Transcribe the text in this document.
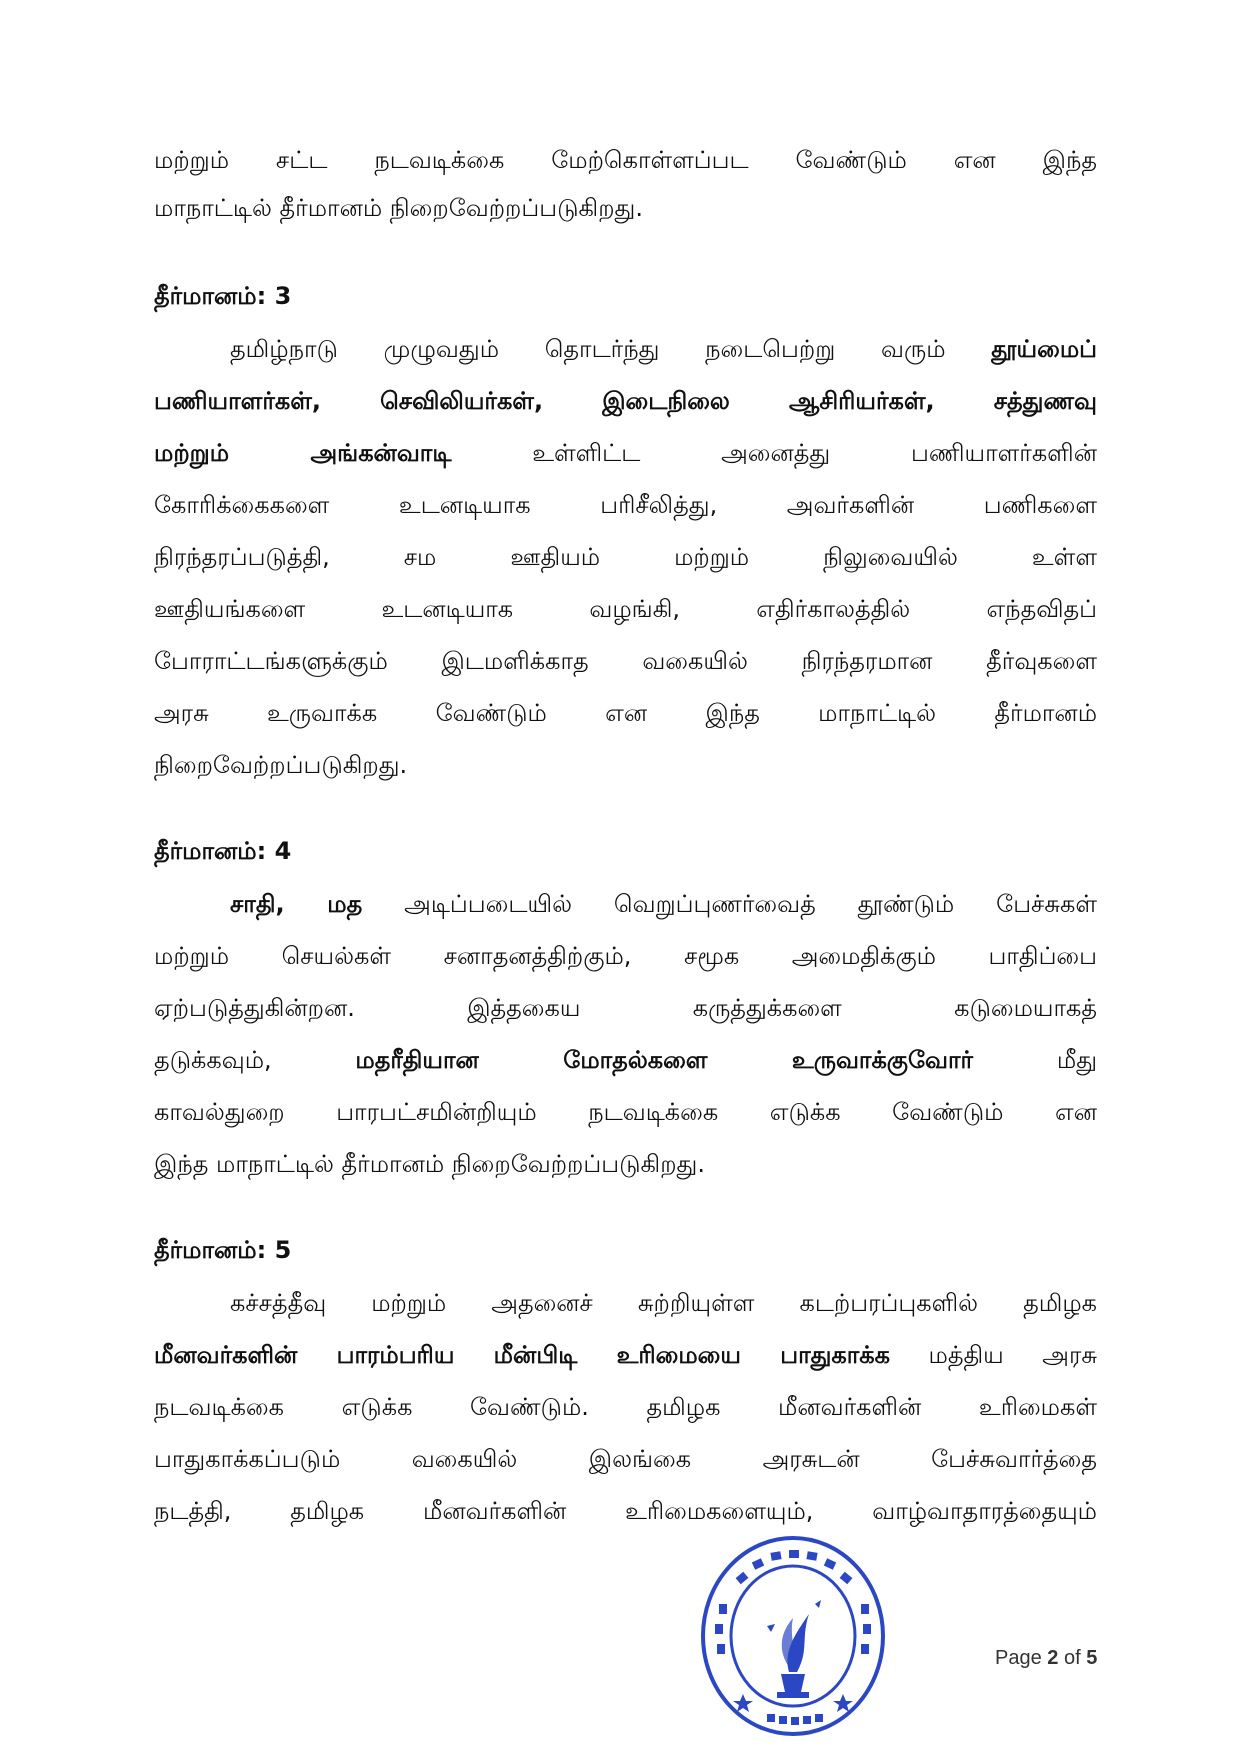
மற்றும் சட்ட நடவடிக்கை மேற்கொள்ளப்பட வேண்டும் என இந்த
மாநாட்டில் தீர்மானம் நிறைவேற்றப்படுகிறது.
தீர்மானம்: 3
தமிழ்நாடு முழுவதும் தொடர்ந்து நடைபெற்று வரும் தூய்மைப்
பணியாளர்கள், செவிலியர்கள், இடைநிலை ஆசிரியர்கள், சத்துணவு
மற்றும் அங்கன்வாடி உள்ளிட்ட அனைத்து பணியாளர்களின்
கோரிக்கைகளை உடனடியாக பரிசீலித்து, அவர்களின் பணிகளை
நிரந்தரப்படுத்தி, சம ஊதியம் மற்றும் நிலுவையில் உள்ள
ஊதியங்களை உடனடியாக வழங்கி, எதிர்காலத்தில் எந்தவிதப்
போராட்டங்களுக்கும் இடமளிக்காத வகையில் நிரந்தரமான தீர்வுகளை
அரசு உருவாக்க வேண்டும் என இந்த மாநாட்டில் தீர்மானம்
நிறைவேற்றப்படுகிறது.
தீர்மானம்: 4
சாதி, மத அடிப்படையில் வெறுப்புணர்வைத் தூண்டும் பேச்சுகள்
மற்றும் செயல்கள் சனாதனத்திற்கும், சமூக அமைதிக்கும் பாதிப்பை
ஏற்படுத்துகின்றன. இத்தகைய கருத்துக்களை கடுமையாகத்
தடுக்கவும், மதரீதியான மோதல்களை உருவாக்குவோர் மீது
காவல்துறை பாரபட்சமின்றியும் நடவடிக்கை எடுக்க வேண்டும் என
இந்த மாநாட்டில் தீர்மானம் நிறைவேற்றப்படுகிறது.
தீர்மானம்: 5
கச்சத்தீவு மற்றும் அதனைச் சுற்றியுள்ள கடற்பரப்புகளில் தமிழக
மீனவர்களின் பாரம்பரிய மீன்பிடி உரிமையை பாதுகாக்க மத்திய அரசு
நடவடிக்கை எடுக்க வேண்டும். தமிழக மீனவர்களின் உரிமைகள்
பாதுகாக்கப்படும் வகையில் இலங்கை அரசுடன் பேச்சுவார்த்தை
நடத்தி, தமிழக மீனவர்களின் உரிமைகளையும், வாழ்வாதாரத்தையும்
Page 2 of 5
